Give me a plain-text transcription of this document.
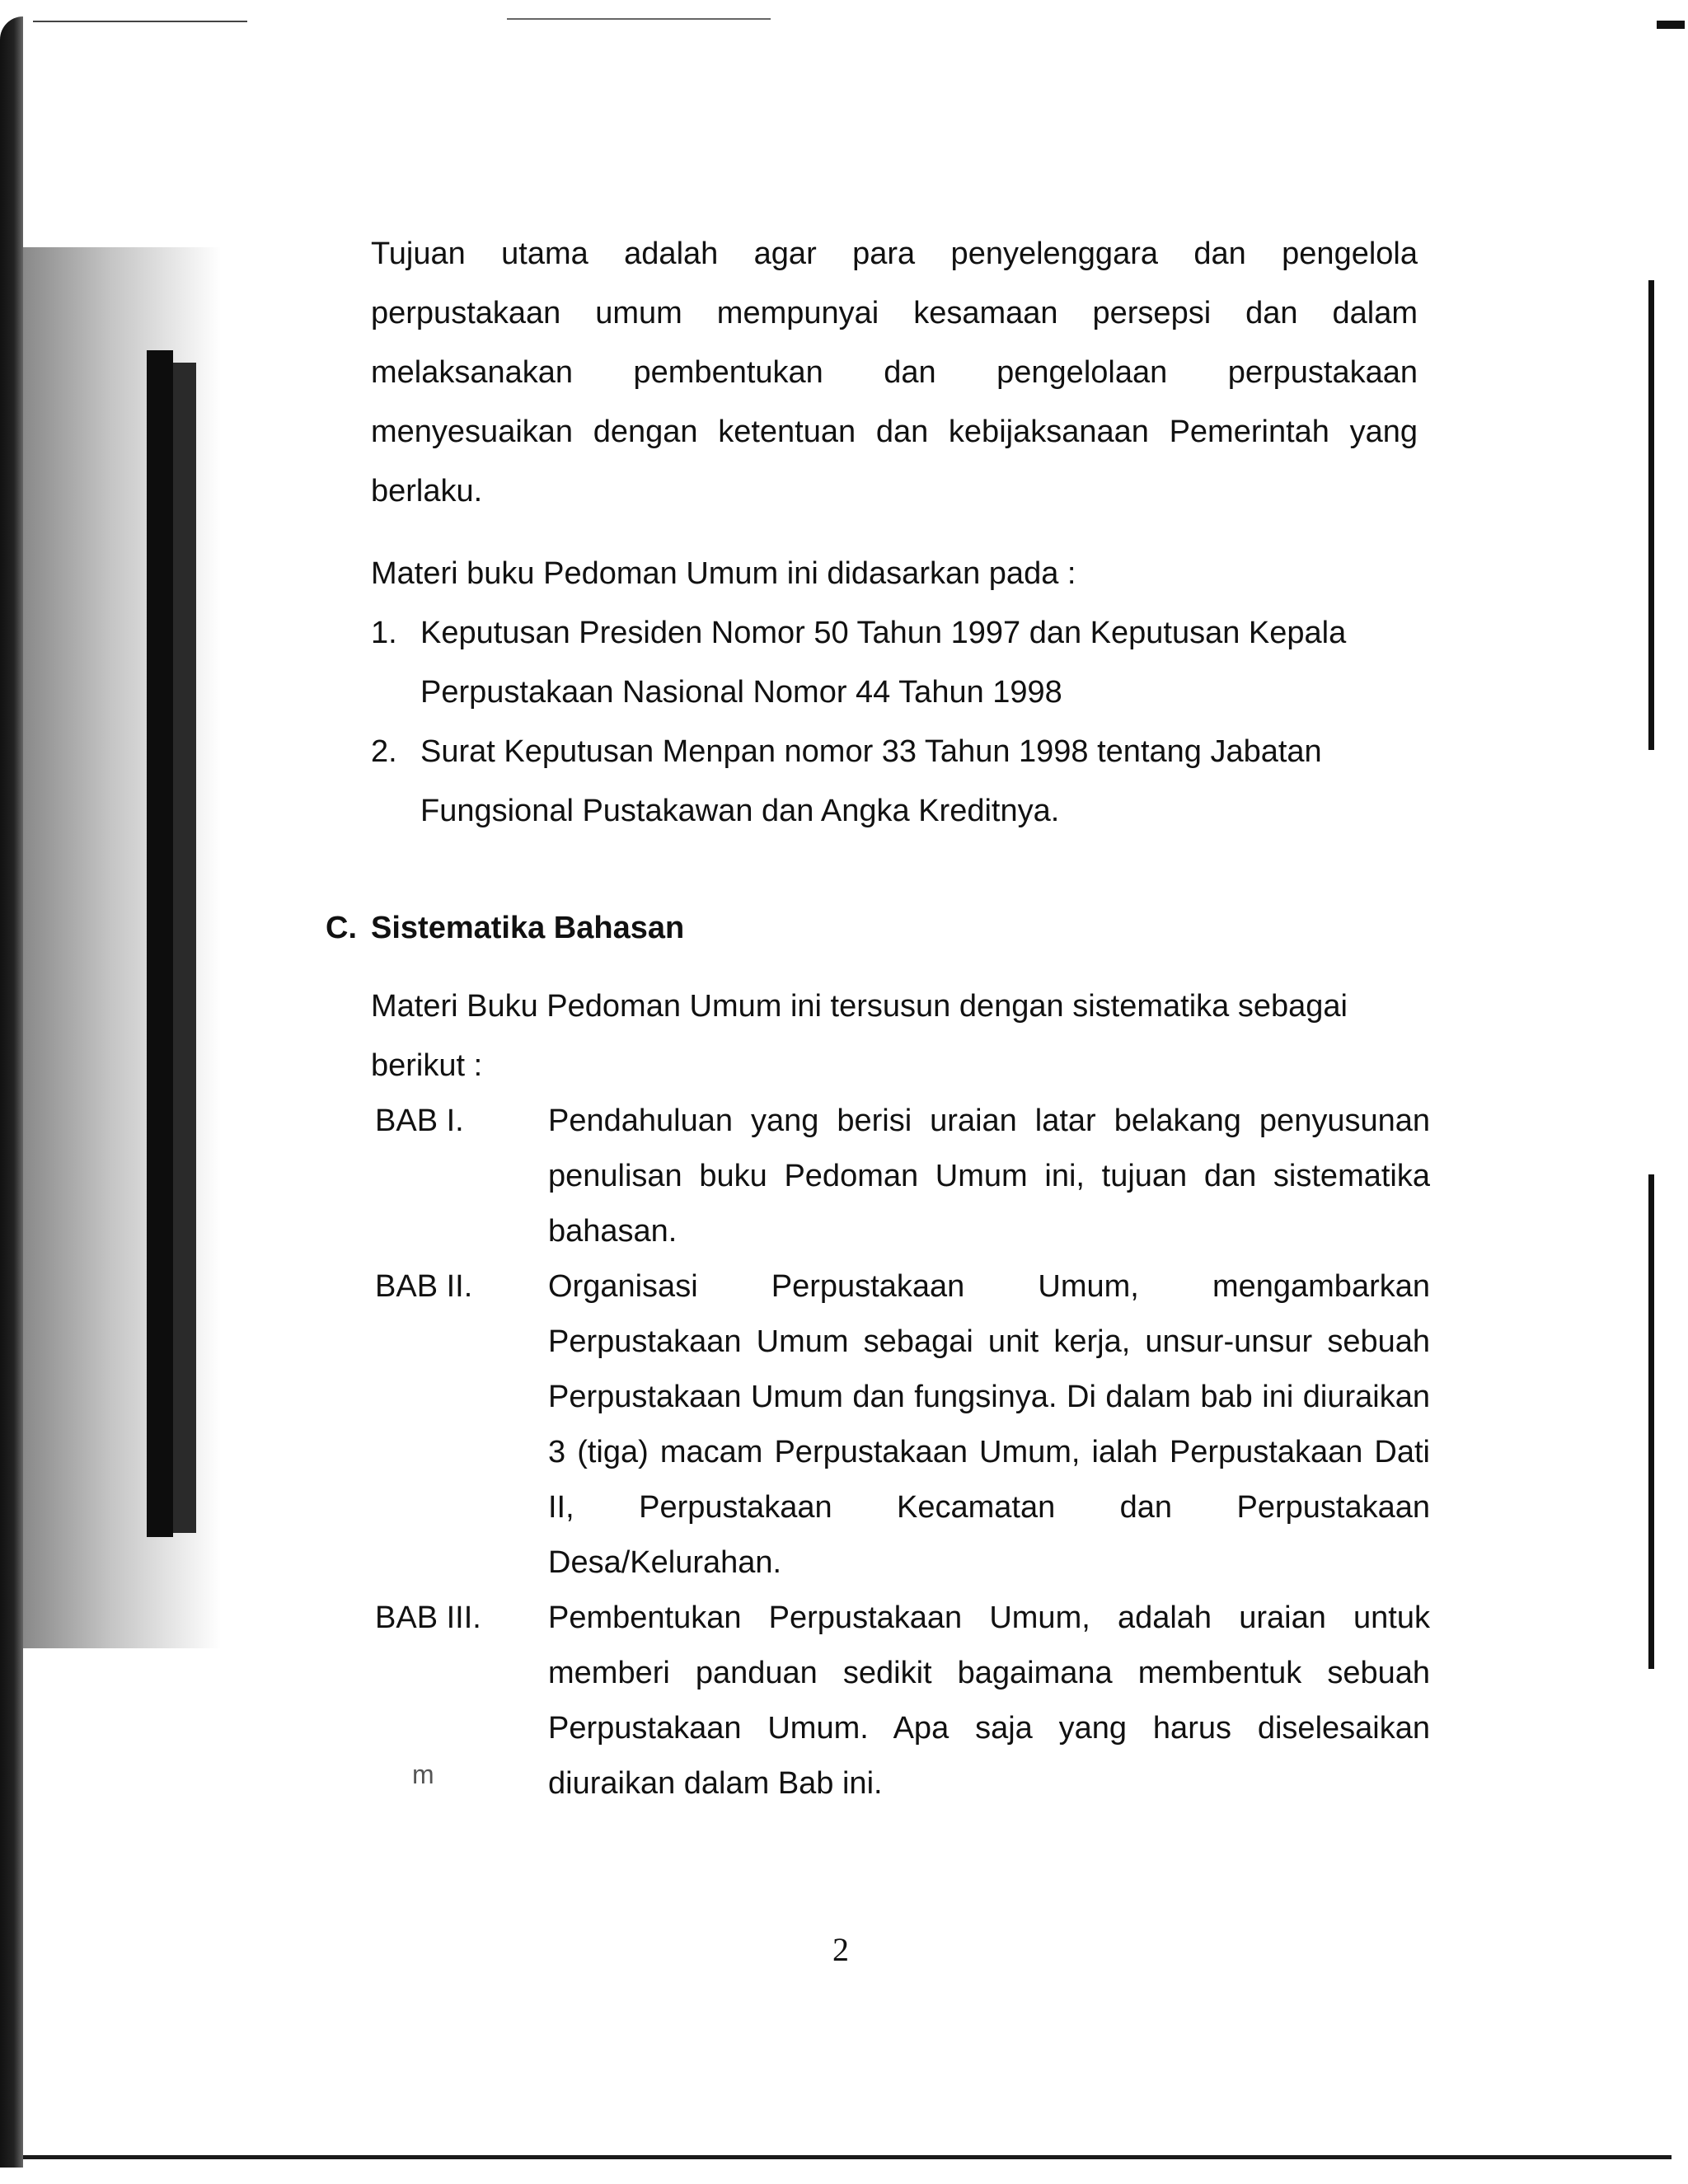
Tujuan utama adalah agar para penyelenggara dan pengelola perpustakaan umum mempunyai kesamaan persepsi dan dalam melaksanakan pembentukan dan pengelolaan perpustakaan menyesuaikan dengan ketentuan dan kebijaksanaan Pemerintah yang berlaku.
Materi buku Pedoman Umum ini didasarkan pada :
1. Keputusan Presiden Nomor 50 Tahun 1997 dan Keputusan Kepala Perpustakaan Nasional Nomor 44 Tahun 1998
2. Surat Keputusan Menpan nomor 33 Tahun 1998 tentang Jabatan Fungsional Pustakawan dan Angka Kreditnya.
C. Sistematika Bahasan
Materi Buku Pedoman Umum ini tersusun dengan sistematika sebagai berikut :
BAB I.	Pendahuluan yang berisi uraian latar belakang penyusunan penulisan buku Pedoman Umum ini, tujuan dan sistematika bahasan.
BAB II. Organisasi Perpustakaan Umum, mengambarkan Perpustakaan Umum sebagai unit kerja, unsur-unsur sebuah Perpustakaan Umum dan fungsinya. Di dalam bab ini diuraikan 3 (tiga) macam Perpustakaan Umum, ialah Perpustakaan Dati II, Perpustakaan Kecamatan dan Perpustakaan Desa/Kelurahan.
BAB III. Pembentukan Perpustakaan Umum, adalah uraian untuk memberi panduan sedikit bagaimana membentuk sebuah Perpustakaan Umum. Apa saja yang harus diselesaikan diuraikan dalam Bab ini.
m
2
